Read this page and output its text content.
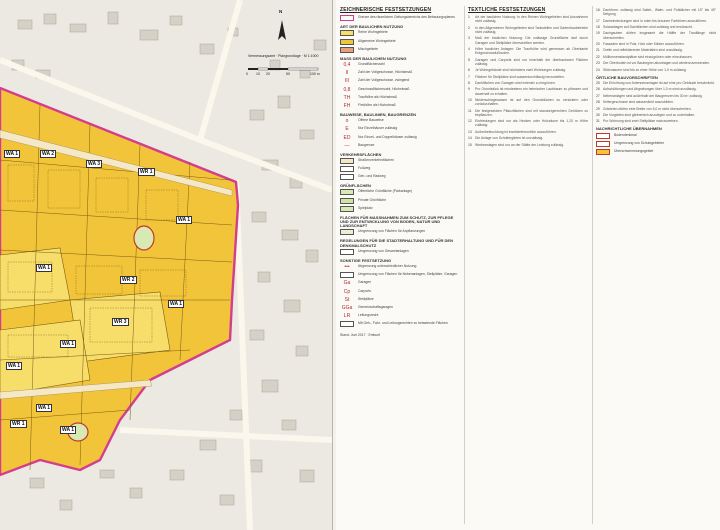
WA 1	WA 2
WA 3
WR 1
WA 1
WA 1
WR 2
WA 1
WR 3
WA 1
WA 1
WA 1
WR 1
WA 1
N
Vermessungsamt · Plangrundlage · M 1:1000
0 10 20	50	100 m
ZEICHNERISCHE FESTSETZUNGEN
Grenze des räumlichen Geltungsbereichs des Bebauungsplanes
ART DER BAULICHEN NUTZUNG
Reine Wohngebiete
Allgemeine Wohngebiete
Mischgebiete
MASS DER BAULICHEN NUTZUNG
0,4	Grundflächenzahl
II	Zahl der Vollgeschosse, Höchstmaß
III	Zahl der Vollgeschosse, zwingend
0,8	Geschossflächenzahl, Höchstmaß
TH	Traufhöhe als Höchstmaß
FH	Firsthöhe als Höchstmaß
BAUWEISE, BAULINIEN, BAUGRENZEN
o	Offene Bauweise
E	Nur Einzelhäuser zulässig
ED	Nur Einzel- und Doppelhäuser zulässig
—	Baugrenze
VERKEHRSFLÄCHEN
Straßenverkehrsflächen
Fußweg
Geh- und Radweg
GRÜNFLÄCHEN
Öffentliche Grünfläche (Parkanlage)
Private Grünfläche
Spielplatz
FLÄCHEN FÜR MASSNAHMEN ZUM SCHUTZ, ZUR PFLEGE UND ZUR ENTWICKLUNG VON BODEN, NATUR UND LANDSCHAFT
Umgrenzung von Flächen für Anpflanzungen
REGELUNGEN FÜR DIE STADTERHALTUNG UND FÜR DEN DENKMALSCHUTZ
Umgrenzung von Gesamtanlagen
SONSTIGE FESTSETZUNG
•••	Abgrenzung unterschiedlicher Nutzung
Umgrenzung von Flächen für Nebenanlagen, Stellplätze, Garagen
Ga	Garagen
Cp	Carports
St	Stellplätze
GGa	Gemeinschaftsgaragen
LR	Leitungsrecht
Mit Geh-, Fahr- und Leitungsrechten zu belastende Flächen
Stand: Juni 2017 · Entwurf
TEXTLICHE FESTSETZUNGEN
1	Art der baulichen Nutzung: In den Reinen Wohngebieten sind Ausnahmen nicht zulässig.
2	In den Allgemeinen Wohngebieten sind Tankstellen und Gartenbaubetriebe nicht zulässig.
3	Maß der baulichen Nutzung: Die zulässige Grundfläche darf durch Garagen und Stellplätze überschritten werden.
4	Höhe baulicher Anlagen: Die Traufhöhe wird gemessen ab Oberkante Erdgeschossfußboden.
5	Garagen und Carports sind nur innerhalb der überbaubaren Flächen zulässig.
6	Je Wohngebäude sind höchstens zwei Wohnungen zulässig.
7	Flächen für Stellplätze sind wasserdurchlässig herzustellen.
8	Dachflächen von Garagen sind extensiv zu begrünen.
9	Pro Grundstück ist mindestens ein heimischer Laubbaum zu pflanzen und dauerhaft zu erhalten.
10 Niederschlagswasser ist auf den Grundstücken zu versickern oder zurückzuhalten.
11	Die festgesetzten Pflanzflächen sind mit standortgerechten Gehölzen zu bepflanzen.
12 Einfriedungen sind nur als Hecken oder Holzzäune bis 1,20 m Höhe zulässig.
13 Außenbeleuchtung ist insektenfreundlich auszuführen.
14 Die Anlage von Schottergärten ist unzulässig.
15 Werbeanlagen sind nur an der Stätte der Leistung zulässig.
16 Dachform: zulässig sind Sattel-, Walm- und Pultdächer mit 15° bis 45° Neigung.
17 Dacheindeckungen sind in roten bis braunen Farbtönen auszuführen.
18 Solaranlagen auf Dachflächen sind zulässig und erwünscht.
19 Dachgauben dürfen insgesamt die Hälfte der Trauflänge nicht überschreiten.
20 Fassaden sind in Putz, Holz oder Klinker auszuführen.
21 Grelle und reflektierende Materialien sind unzulässig.
22 Mülltonnenstandplätze sind einzugrünen oder einzuhausen.
23 Der Oberboden ist vor Baubeginn abzutragen und wiederzuverwenden.
24 Stützmauern sind bis zu einer Höhe von 1,0 m zulässig.
ÖRTLICHE BAUVORSCHRIFTEN
25 Die Errichtung von Antennenanlagen ist auf eine pro Gebäude beschränkt.
26 Aufschüttungen und Abgrabungen über 1,0 m sind unzulässig.
27 Nebenanlagen sind außerhalb der Baugrenzen bis 30 m³ zulässig.
28 Kellergeschosse sind wasserdicht auszubilden.
29 Zufahrten dürfen eine Breite von 5,0 m nicht überschreiten.
30 Die Vorgärten sind gärtnerisch anzulegen und zu unterhalten.
31 Pro Wohnung sind zwei Stellplätze nachzuweisen.
NACHRICHTLICHE ÜBERNAHMEN
Bodendenkmal
Umgrenzung von Schutzgebieten
Überschwemmungsgebiet
